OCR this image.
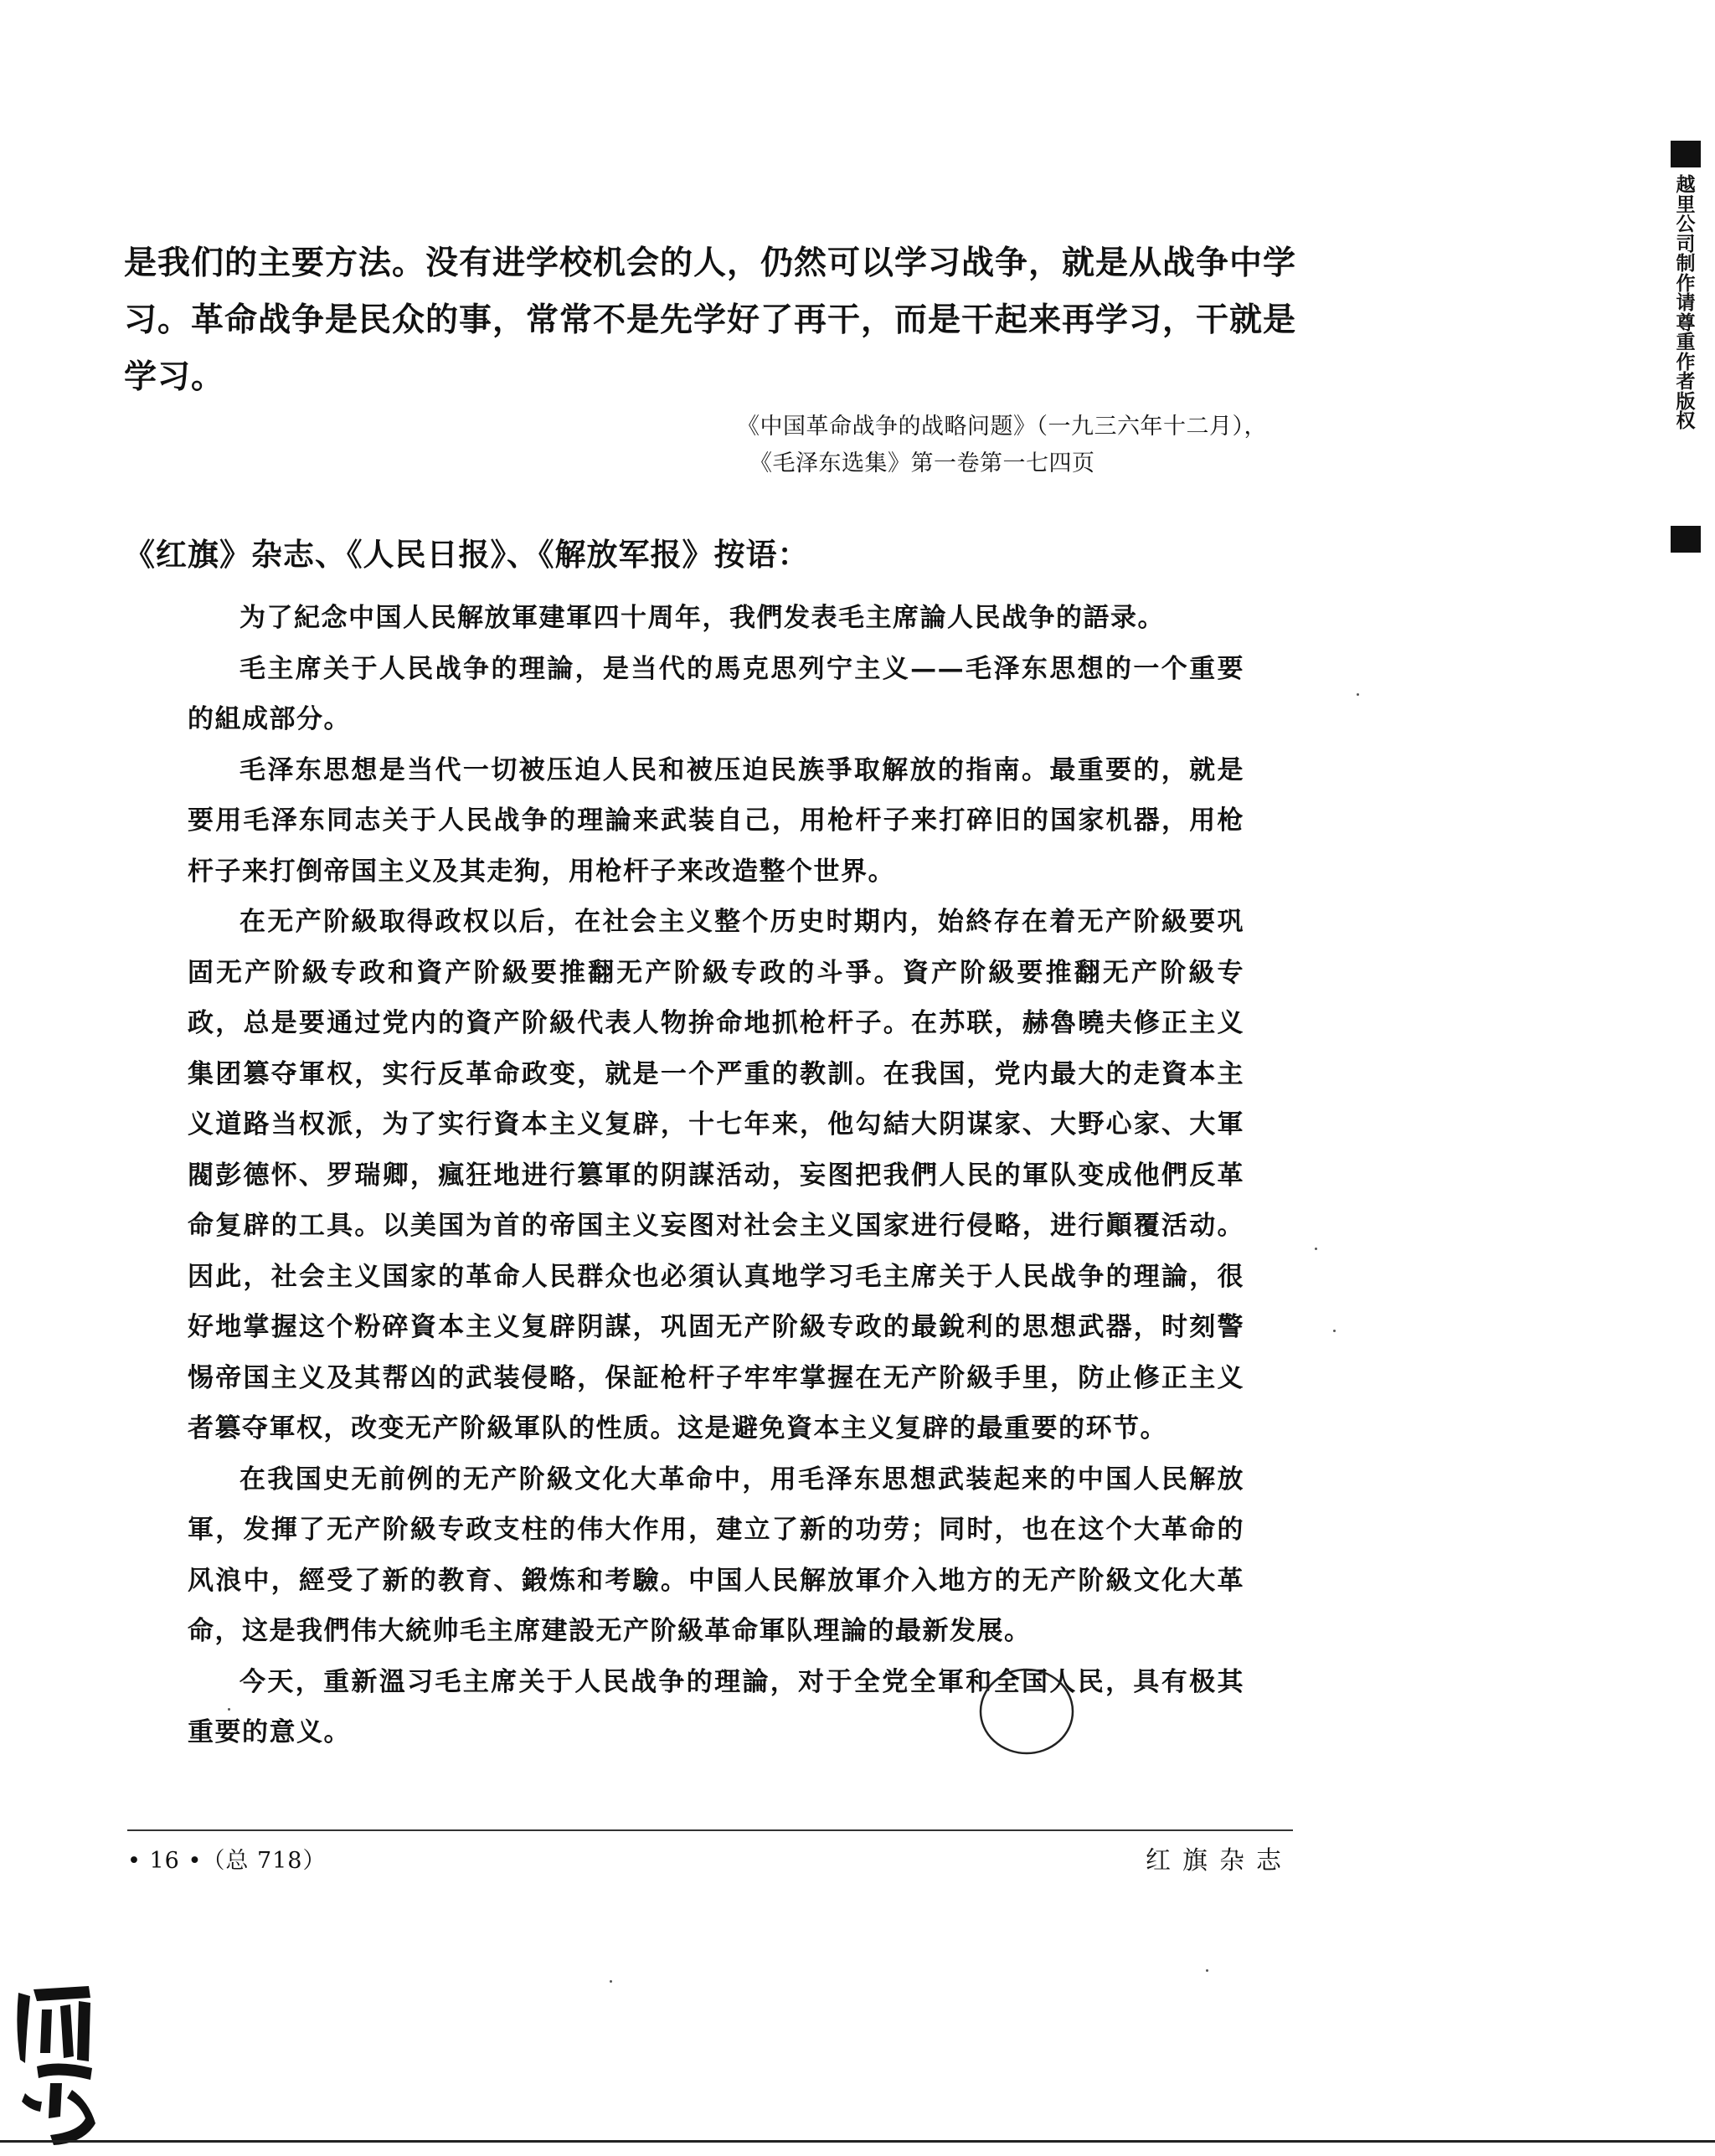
是我们的主要方法。没有进学校机会的人，仍然可以学习战争，就是从战争中学习。革命战争是民众的事，常常不是先学好了再干，而是干起来再学习，干就是学习。

《中国革命战争的战略问题》（一九三六年十二月），
《毛泽东选集》第一卷第一七四页
《红旗》杂志、《人民日报》、《解放军报》按语：

为了紀念中国人民解放軍建軍四十周年，我們发表毛主席論人民战争的語录。

毛主席关于人民战争的理論，是当代的馬克思列宁主义——毛泽东思想的一个重要的組成部分。

毛泽东思想是当代一切被压迫人民和被压迫民族爭取解放的指南。最重要的，就是要用毛泽东同志关于人民战争的理論来武装自己，用枪杆子来打碎旧的国家机器，用枪杆子来打倒帝国主义及其走狗，用枪杆子来改造整个世界。

在无产阶級取得政权以后，在社会主义整个历史时期内，始終存在着无产阶級要巩固无产阶級专政和資产阶級要推翻无产阶級专政的斗爭。資产阶級要推翻无产阶級专政，总是要通过党内的資产阶級代表人物拚命地抓枪杆子。在苏联，赫魯曉夫修正主义集团篡夺軍权，实行反革命政变，就是一个严重的教訓。在我国，党内最大的走資本主义道路当权派，为了实行資本主义复辟，十七年来，他勾結大阴谋家、大野心家、大軍閥彭德怀、罗瑞卿，瘋狂地进行篡軍的阴謀活动，妄图把我們人民的軍队变成他們反革命复辟的工具。以美国为首的帝国主义妄图对社会主义国家进行侵略，进行顚覆活动。因此，社会主义国家的革命人民群众也必須认真地学习毛主席关于人民战争的理論，很好地掌握这个粉碎資本主义复辟阴謀，巩固无产阶級专政的最銳利的思想武器，时刻警惕帝国主义及其帮凶的武装侵略，保証枪杆子牢牢掌握在无产阶級手里，防止修正主义者篡夺軍权，改变无产阶級軍队的性质。这是避免資本主义复辟的最重要的环节。

在我国史无前例的无产阶級文化大革命中，用毛泽东思想武装起来的中国人民解放軍，发揮了无产阶級专政支柱的伟大作用，建立了新的功劳；同时，也在这个大革命的风浪中，經受了新的教育、鍛炼和考驗。中国人民解放軍介入地方的无产阶級文化大革命，这是我們伟大統帅毛主席建設无产阶級革命軍队理論的最新发展。

今天，重新溫习毛主席关于人民战争的理論，对于全党全軍和全国人民，具有极其重要的意义。

• 16 •（总 718）	红旗杂志
越里公司制作请尊重作者版权
